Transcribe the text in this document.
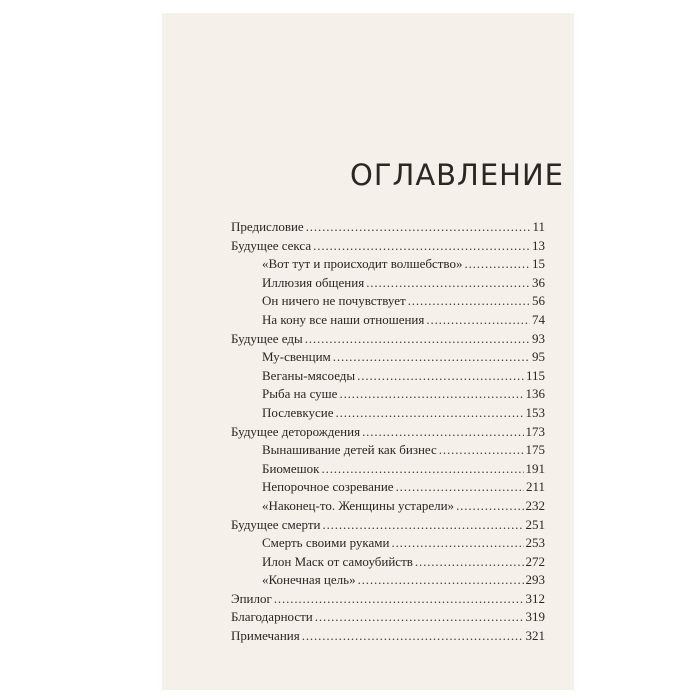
ОГЛАВЛЕНИЕ
Предисловие . . .	11
Будущее секса . . .	13
«Вот тут и происходит волшебство» . . .	15
Иллюзия общения . . .	36
Он ничего не почувствует . . .	56
На кону все наши отношения . . .	74
Будущее еды . . .	93
Му-свенцим . . .	95
Веганы-мясоеды . . .	115
Рыба на суше . . .	136
Послевкусие . . .	153
Будущее деторождения . . .	173
Вынашивание детей как бизнес . . .	175
Биомешок . . .	191
Непорочное созревание . . .	211
«Наконец-то. Женщины устарели» . . .	232
Будущее смерти . . .	251
Смерть своими руками . . .	253
Илон Маск от самоубийств . . .	272
«Конечная цель» . . .	293
Эпилог . . .	312
Благодарности . . .	319
Примечания . . .	321
